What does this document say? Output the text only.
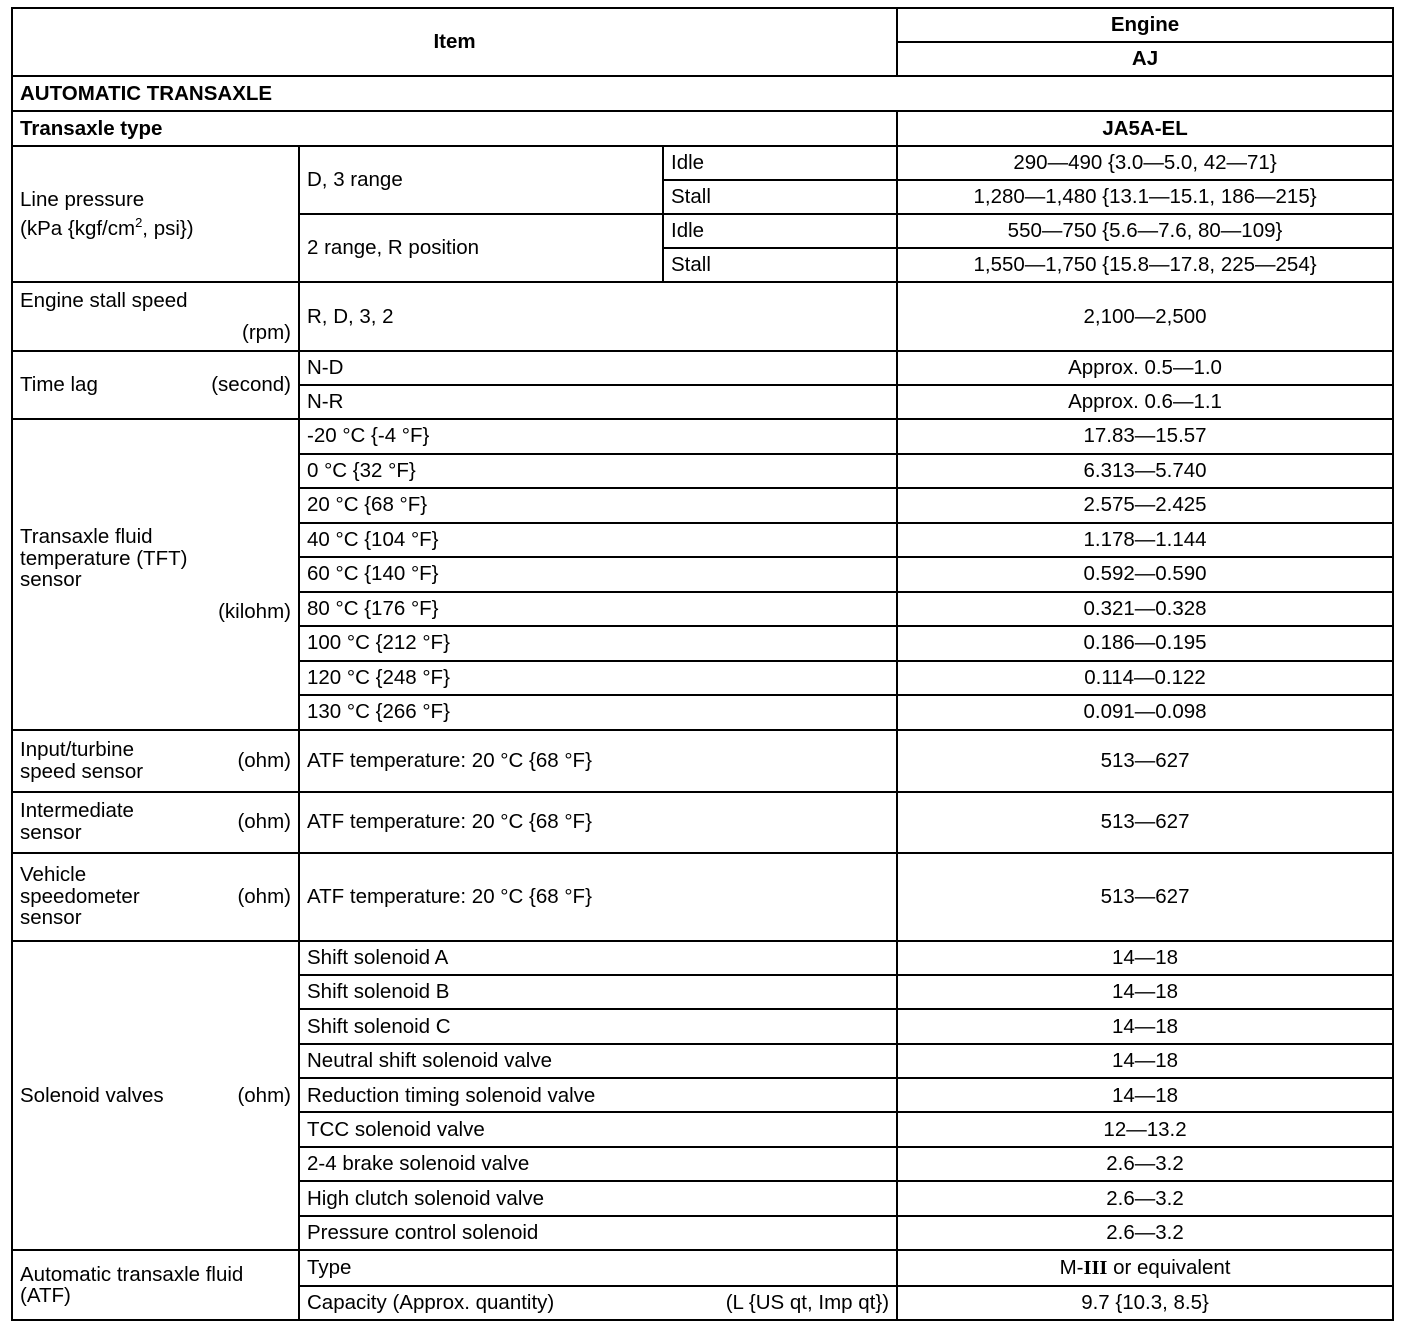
Item			Engine
			AJ
AUTOMATIC TRANSAXLE			
Transaxle type			JA5A-EL

Line pressure
(kPa {$kgf/cm^2$, psi})	D, 3 range	Idle	290—490 {3.0—5.0, 42—71}
		Stall	1,280—1,480 {13.1—15.1, 186—215}
	2 range, R position	Idle	550—750 {5.6—7.6, 80—109}
		Stall	1,550—1,750 {15.8—17.8, 225—254}

Engine stall speed
(rpm)	R, D, 3, 2		2,100—2,500

Time lag (second)	N-D		Approx. 0.5—1.0
	N-R		Approx. 0.6—1.1

Transaxle fluid
temperature (TFT)
sensor
(kilohm)	-20 °C {-4 °F}		17.83—15.57
	0 °C {32 °F}		6.313—5.740
	20 °C {68 °F}		2.575—2.425
	40 °C {104 °F}		1.178—1.144
	60 °C {140 °F}		0.592—0.590
	80 °C {176 °F}		0.321—0.328
	100 °C {212 °F}		0.186—0.195
	120 °C {248 °F}		0.114—0.122
	130 °C {266 °F}		0.091—0.098

Input/turbine
speed sensor (ohm)	ATF temperature: 20 °C {68 °F}		513—627

Intermediate
sensor (ohm)	ATF temperature: 20 °C {68 °F}		513—627

Vehicle
speedometer
sensor
(ohm)	ATF temperature: 20 °C {68 °F}		513—627

Solenoid valves (ohm)	Shift solenoid A		14—18
	Shift solenoid B		14—18
	Shift solenoid C		14—18
	Neutral shift solenoid valve		14—18
	Reduction timing solenoid valve		14—18
	TCC solenoid valve		12—13.2
	2-4 brake solenoid valve		2.6—3.2
	High clutch solenoid valve		2.6—3.2
	Pressure control solenoid		2.6—3.2

Automatic transaxle fluid
(ATF)	Type		M-III or equivalent

	Capacity (Approx. quantity) (L {US qt, Imp qt})		9.7 {10.3, 8.5}
